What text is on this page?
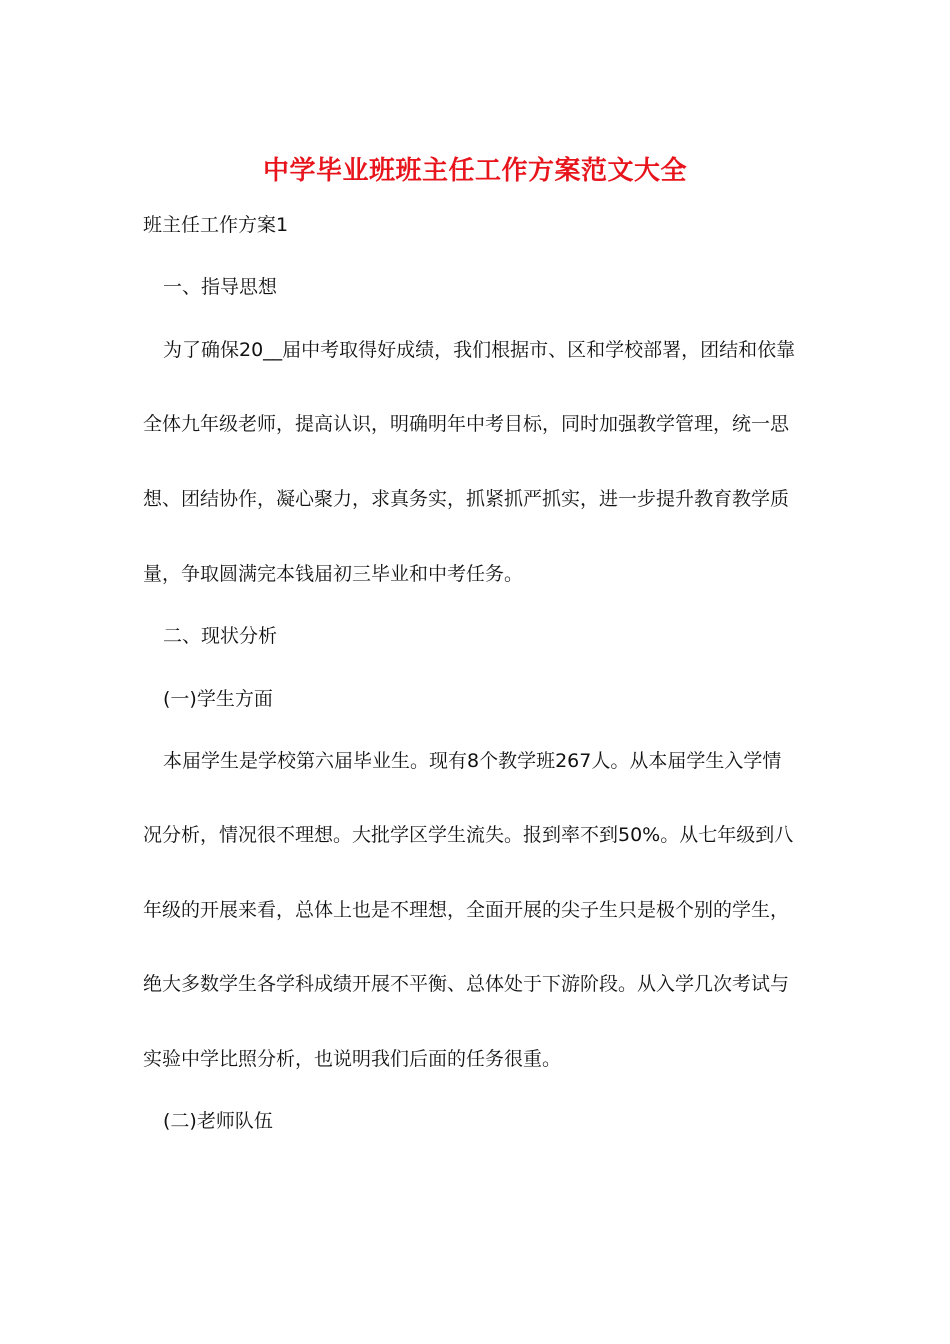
中学毕业班班主任工作方案范文大全
班主任工作方案1
一、指导思想
为了确保20__届中考取得好成绩，我们根据市、区和学校部署，团结和依靠
全体九年级老师，提高认识，明确明年中考目标，同时加强教学管理，统一思
想、团结协作，凝心聚力，求真务实，抓紧抓严抓实，进一步提升教育教学质
量，争取圆满完本钱届初三毕业和中考任务。
二、现状分析
(一)学生方面
本届学生是学校第六届毕业生。现有8个教学班267人。从本届学生入学情
况分析，情况很不理想。大批学区学生流失。报到率不到50%。从七年级到八
年级的开展来看，总体上也是不理想，全面开展的尖子生只是极个别的学生，
绝大多数学生各学科成绩开展不平衡、总体处于下游阶段。从入学几次考试与
实验中学比照分析，也说明我们后面的任务很重。
(二)老师队伍
